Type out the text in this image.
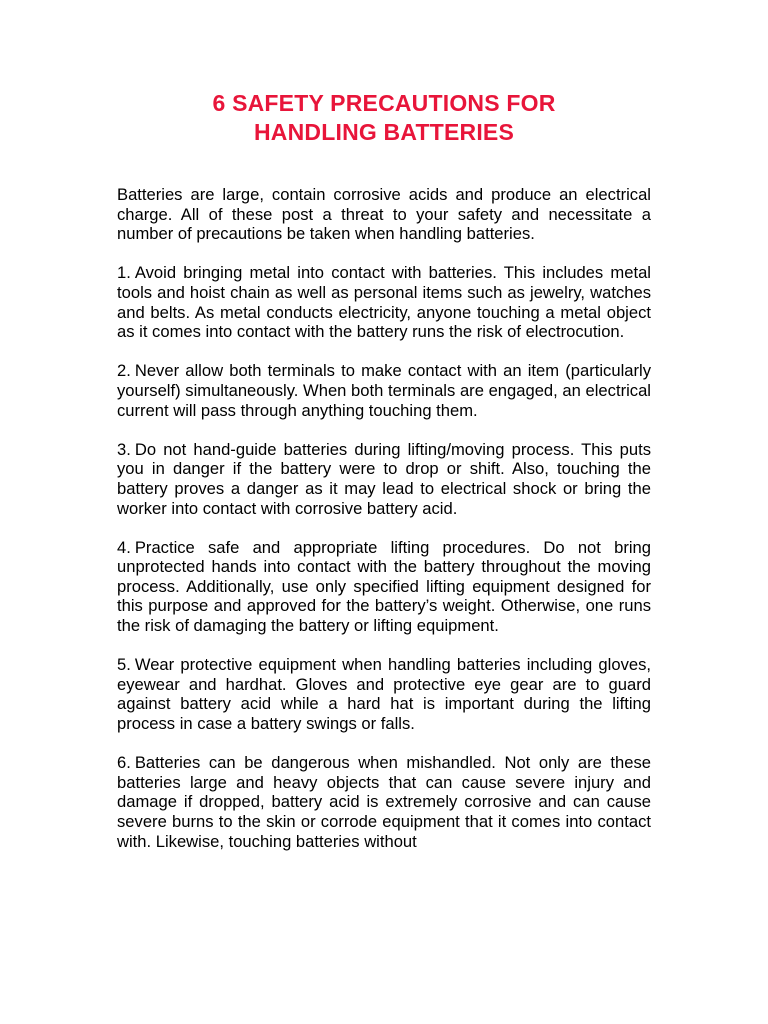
6 SAFETY PRECAUTIONS FOR
HANDLING BATTERIES

Batteries are large, contain corrosive acids and produce an electrical charge. All of these post a threat to your safety and necessitate a number of precautions be taken when handling batteries.

1. Avoid bringing metal into contact with batteries. This includes metal tools and hoist chain as well as personal items such as jewelry, watches and belts. As metal conducts electricity, anyone touching a metal object as it comes into contact with the battery runs the risk of electrocution.

2. Never allow both terminals to make contact with an item (particularly yourself) simultaneously. When both terminals are engaged, an electrical current will pass through anything touching them.

3. Do not hand-guide batteries during lifting/moving process. This puts you in danger if the battery were to drop or shift. Also, touching the battery proves a danger as it may lead to electrical shock or bring the worker into contact with corrosive battery acid.

4. Practice safe and appropriate lifting procedures. Do not bring unprotected hands into contact with the battery throughout the moving process. Additionally, use only specified lifting equipment designed for this purpose and approved for the battery’s weight. Otherwise, one runs the risk of damaging the battery or lifting equipment.

5. Wear protective equipment when handling batteries including gloves, eyewear and hardhat. Gloves and protective eye gear are to guard against battery acid while a hard hat is important during the lifting process in case a battery swings or falls.

6. Batteries can be dangerous when mishandled. Not only are these batteries large and heavy objects that can cause severe injury and damage if dropped, battery acid is extremely corrosive and can cause severe burns to the skin or corrode equipment that it comes into contact with. Likewise, touching batteries without
